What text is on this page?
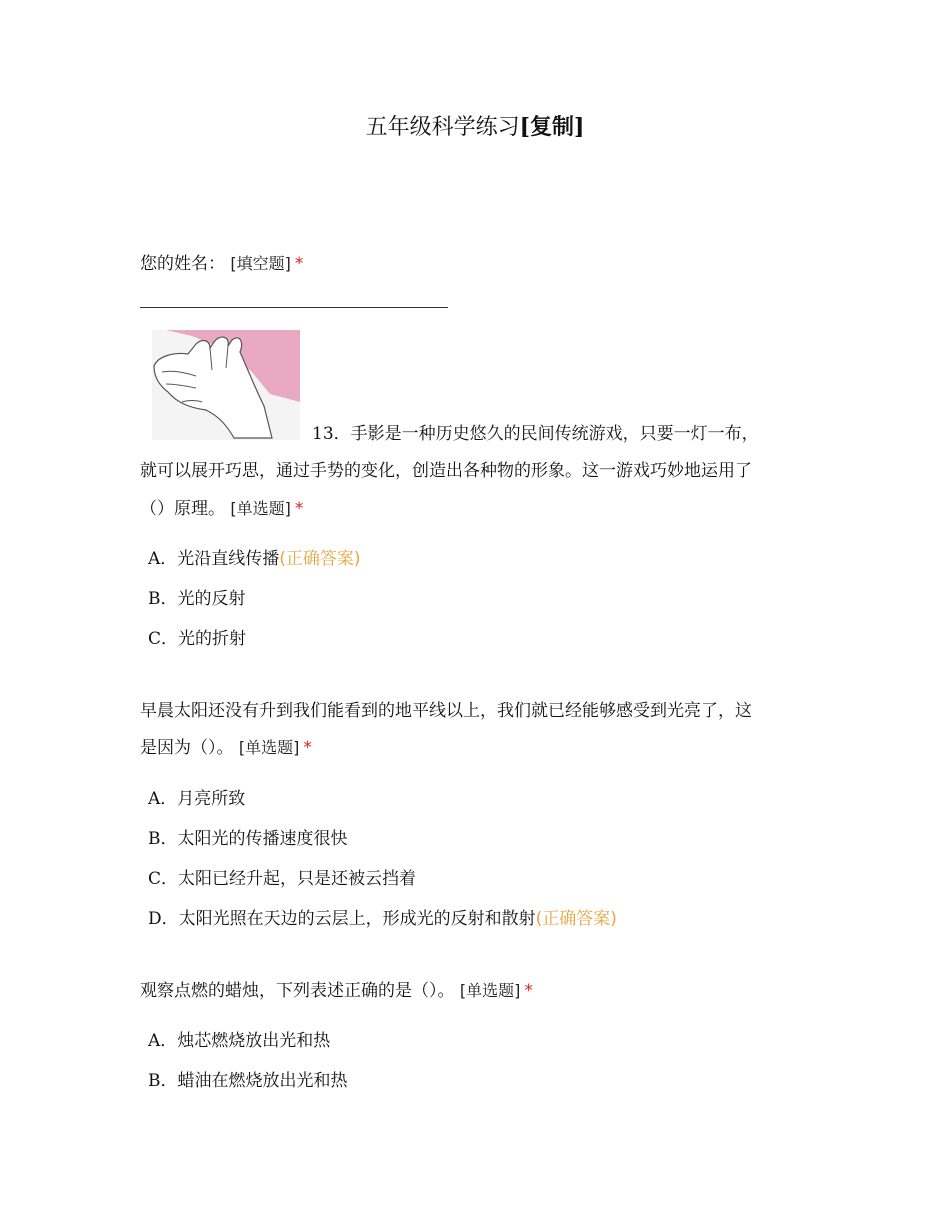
五年级科学练习[复制]
您的姓名： [填空题] *
13．手影是一种历史悠久的民间传统游戏，只要一灯一布，
就可以展开巧思，通过手势的变化，创造出各种物的形象。这一游戏巧妙地运用了
（）原理。 [单选题] *
A．光沿直线传播(正确答案)
B．光的反射
C．光的折射
早晨太阳还没有升到我们能看到的地平线以上，我们就已经能够感受到光亮了，这
是因为（）。 [单选题] *
A．月亮所致
B．太阳光的传播速度很快
C．太阳已经升起，只是还被云挡着
D．太阳光照在天边的云层上，形成光的反射和散射(正确答案)
观察点燃的蜡烛，下列表述正确的是（）。 [单选题] *
A．烛芯燃烧放出光和热
B．蜡油在燃烧放出光和热
